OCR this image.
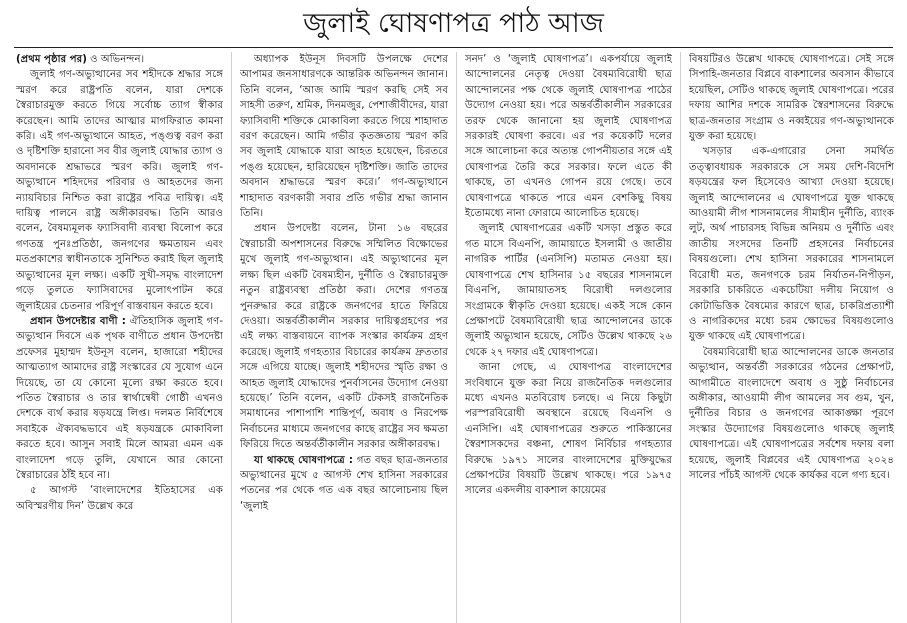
জুলাই ঘোষণাপত্র পাঠ আজ

(প্রথম পৃষ্ঠার পর) ও অভিনন্দন।

জুলাই গণ-অভ্যুত্থানের সব শহীদকে শ্রদ্ধার সঙ্গে স্মরণ করে রাষ্ট্রপতি বলেন, যারা দেশকে স্বৈরাচারমুক্ত করতে গিয়ে সর্বোচ্চ ত্যাগ স্বীকার করেছেন। আমি তাদের আত্মার মাগফিরাত কামনা করি। এই গণ-অভ্যুত্থানে আহত, পঙ্গুত্ব বরণ করা ও দৃষ্টিশক্তি হারানো সব বীর জুলাই যোদ্ধার ত্যাগ ও অবদানকে শ্রদ্ধাভরে স্মরণ করি। জুলাই গণ-অভ্যুত্থানে শহিদদের পরিবার ও আহতদের জন্য ন্যায়বিচার নিশ্চিত করা রাষ্ট্রের পবিত্র দায়িত্ব। এই দায়িত্ব পালনে রাষ্ট্র অঙ্গীকারবদ্ধ। তিনি আরও বলেন, বৈষম্যমূলক ফ্যাসিবাদী ব্যবস্থা বিলোপ করে গণতন্ত্র পুনঃপ্রতিষ্ঠা, জনগণের ক্ষমতায়ন এবং মতপ্রকাশের স্বাধীনতাকে সুনিশ্চিত করাই ছিল জুলাই অভ্যুত্থানের মূল লক্ষ্য। একটি সুখী-সমৃদ্ধ বাংলাদেশ গড়ে তুলতে ফ্যাসিবাদের মুলোৎপাটন করে জুলাইয়ের চেতনার পরিপূর্ণ বাস্তবায়ন করতে হবে।

প্রধান উপদেষ্টার বাণী : ঐতিহাসিক জুলাই গণ-অভ্যুত্থান দিবসে এক পৃথক বাণীতে প্রধান উপদেষ্টা প্রফেসর মুহাম্মদ ইউনূস বলেন, হাজারো শহীদের আত্মত্যাগ আমাদের রাষ্ট্র সংস্কারের যে সুযোগ এনে দিয়েছে, তা যে কোনো মূল্যে রক্ষা করতে হবে। পতিত স্বৈরাচার ও তার স্বার্থান্বেষী গোষ্ঠী এখনও দেশকে ব্যর্থ করার ষড়যন্ত্রে লিপ্ত। দলমত নির্বিশেষে সবাইকে ঐক্যবদ্ধভাবে এই ষড়যন্ত্রকে মোকাবিলা করতে হবে। আসুন সবাই মিলে আমরা এমন এক বাংলাদেশ গড়ে তুলি, যেখানে আর কোনো স্বৈরাচারের ঠাঁই হবে না।

৫ আগস্ট ‘বাংলাদেশের ইতিহাসের এক অবিস্মরণীয় দিন’ উল্লেখ করে

অধ্যাপক ইউনূস দিবসটি উপলক্ষে দেশের আপামর জনসাধারণকে আন্তরিক অভিনন্দন জানান। তিনি বলেন, ‘আজ আমি স্মরণ করছি সেই সব সাহসী তরুণ, শ্রমিক, দিনমজুর, পেশাজীবীদের, যারা ফ্যাসিবাদী শক্তিকে মোকাবিলা করতে গিয়ে শাহাদাত বরণ করেছেন। আমি গভীর কৃতজ্ঞতায় স্মরণ করি সব জুলাই যোদ্ধাকে যারা আহত হয়েছেন, চিরতরে পঙ্গু হয়েছেন, হারিয়েছেন দৃষ্টিশক্তি। জাতি তাদের অবদান শ্রদ্ধাভরে স্মরণ করে।’ গণ-অভ্যুত্থানে শাহাদাত বরণকারী সবার প্রতি গভীর শ্রদ্ধা জানান তিনি।

প্রধান উপদেষ্টা বলেন, টানা ১৬ বছরের স্বৈরাচারী অপশাসনের বিরুদ্ধে সম্মিলিত বিক্ষোভের মুখে জুলাই গণ-অভ্যুত্থান। এই অভ্যুত্থানের মূল লক্ষ্য ছিল একটি বৈষম্যহীন, দুর্নীতি ও স্বৈরাচারমুক্ত নতুন রাষ্ট্রব্যবস্থা প্রতিষ্ঠা করা। দেশের গণতন্ত্র পুনরুদ্ধার করে রাষ্ট্রকে জনগণের হাতে ফিরিয়ে দেওয়া। অন্তর্বর্তীকালীন সরকার দায়িত্বগ্রহণের পর এই লক্ষ্য বাস্তবায়নে ব্যাপক সংস্কার কার্যক্রম গ্রহণ করেছে। জুলাই গণহত্যার বিচারের কার্যক্রম দ্রুততার সঙ্গে এগিয়ে যাচ্ছে। জুলাই শহীদদের স্মৃতি রক্ষা ও আহত জুলাই যোদ্ধাদের পুনর্বাসনের উদ্যোগ নেওয়া হয়েছে।’ তিনি বলেন, একটি টেকসই রাজনৈতিক সমাধানের পাশাপাশি শান্তিপূর্ণ, অবাধ ও নিরপেক্ষ নির্বাচনের মাধ্যমে জনগণের কাছে রাষ্ট্রের সব ক্ষমতা ফিরিয়ে দিতে অন্তর্বর্তীকালীন সরকার অঙ্গীকারবদ্ধ।

যা থাকছে ঘোষণাপত্রে : গত বছর ছাত্র-জনতার অভ্যুত্থানের মুখে ৫ আগস্ট শেখ হাসিনা সরকারের পতনের পর থেকে গত এক বছর আলোচনায় ছিল ‘জুলাই

সনদ’ ও ‘জুলাই ঘোষণাপত্র’। একপর্যায়ে জুলাই আন্দোলনের নেতৃত্ব দেওয়া বৈষম্যবিরোধী ছাত্র আন্দোলনের পক্ষ থেকে জুলাই ঘোষণাপত্র পাঠের উদ্যোগ নেওয়া হয়। পরে অন্তর্বর্তীকালীন সরকারের তরফ থেকে জানানো হয় জুলাই ঘোষণাপত্র সরকারই ঘোষণা করবে। এর পর কয়েকটি দলের সঙ্গে আলোচনা করে অত্যন্ত গোপনীয়তার সঙ্গে এই ঘোষণাপত্র তৈরি করে সরকার। ফলে এতে কী থাকছে, তা এখনও গোপন রয়ে গেছে। তবে ঘোষণাপত্রে থাকতে পারে এমন বেশকিছু বিষয় ইতোমধ্যে নানা ফোরামে আলোচিত হয়েছে।

জুলাই ঘোষণাপত্রের একটি খসড়া প্রস্তুত করে গত মাসে বিএনপি, জামায়াতে ইসলামী ও জাতীয় নাগরিক পার্টির (এনসিপি) মতামত নেওয়া হয়। ঘোষণাপত্রে শেখ হাসিনার ১৫ বছরের শাসনামলে বিএনপি, জামায়াতসহ বিরোধী দলগুলোর সংগ্রামকে স্বীকৃতি দেওয়া হয়েছে। একই সঙ্গে কোন প্রেক্ষাপটে বৈষম্যবিরোধী ছাত্র আন্দোলনের ডাকে জুলাই অভ্যুত্থান হয়েছে, সেটিও উল্লেখ থাকছে ২৬ থেকে ২৭ দফার এই ঘোষণাপত্রে।

জানা গেছে, এ ঘোষণাপত্র বাংলাদেশের সংবিধানে যুক্ত করা নিয়ে রাজনৈতিক দলগুলোর মধ্যে এখনও মতবিরোধ চলছে। এ নিয়ে কিছুটা পরস্পরবিরোধী অবস্থানে রয়েছে বিএনপি ও এনসিপি। এই ঘোষণাপত্রের শুরুতে পাকিস্তানের স্বৈরশাসকদের বঞ্চনা, শোষণ নির্বিচার গণহত্যার বিরুদ্ধে ১৯৭১ সালের বাংলাদেশের মুক্তিযুদ্ধের প্রেক্ষাপটের বিষয়টি উল্লেখ থাকছে। পরে ১৯৭৫ সালের একদলীয় বাকশাল কায়েমের

বিষয়টিরও উল্লেখ থাকছে ঘোষণাপত্রে। সেই সঙ্গে সিপাহি-জনতার বিপ্লবে বাকশালের অবসান কীভাবে হয়েছিল, সেটিও থাকছে জুলাই ঘোষণাপত্রে। পরের দফায় আশির দশকে সামরিক স্বৈরশাসনের বিরুদ্ধে ছাত্র-জনতার সংগ্রাম ও নব্বইয়ের গণ-অভ্যুত্থানকে যুক্ত করা হয়েছে।

খসড়ার এক-এগারোর সেনা সমর্থিত তত্ত্বাবধায়ক সরকারকে সে সময় দেশি-বিদেশি ষড়যন্ত্রের ফল হিসেবেও আখ্যা দেওয়া হয়েছে। জুলাই আন্দোলনের এ ঘোষণাপত্রে যুক্ত থাকছে আওয়ামী লীগ শাসনামলের সীমাহীন দুর্নীতি, ব্যাংক লুট, অর্থ পাচারসহ বিভিন্ন অনিয়ম ও দুর্নীতি এবং জাতীয় সংসদের তিনটি প্রহসনের নির্বাচনের বিষয়গুলো। শেখ হাসিনা সরকারের শাসনামলে বিরোধী মত, জনগণকে চরম নির্যাতন-নিপীড়ন, সরকারি চাকরিতে একচেটিয়া দলীয় নিয়োগ ও কোটাভিত্তিক বৈষম্যের কারণে ছাত্র, চাকরিপ্রত্যাশী ও নাগরিকদের মধ্যে চরম ক্ষোভের বিষয়গুলোও যুক্ত থাকছে এই ঘোষণাপত্রে।

বৈষম্যবিরোধী ছাত্র আন্দোলনের ডাকে জনতার অভ্যুত্থান, অন্তর্বর্তী সরকারের গঠনের প্রেক্ষাপট, আগামীতে বাংলাদেশে অবাধ ও সুষ্ঠু নির্বাচনের অঙ্গীকার, আওয়ামী লীগ আমলের সব গুম, খুন, দুর্নীতির বিচার ও জনগণের আকাঙ্ক্ষা পূরণে সংস্কার উদ্যোগের বিষয়গুলোও থাকছে জুলাই ঘোষণাপত্রে। এই ঘোষণাপত্রের সর্বশেষ দফায় বলা হয়েছে, জুলাই বিপ্লবের এই ঘোষণাপত্র ২০২৪ সালের পাঁচই আগস্ট থেকে কার্যকর বলে গণ্য হবে।
